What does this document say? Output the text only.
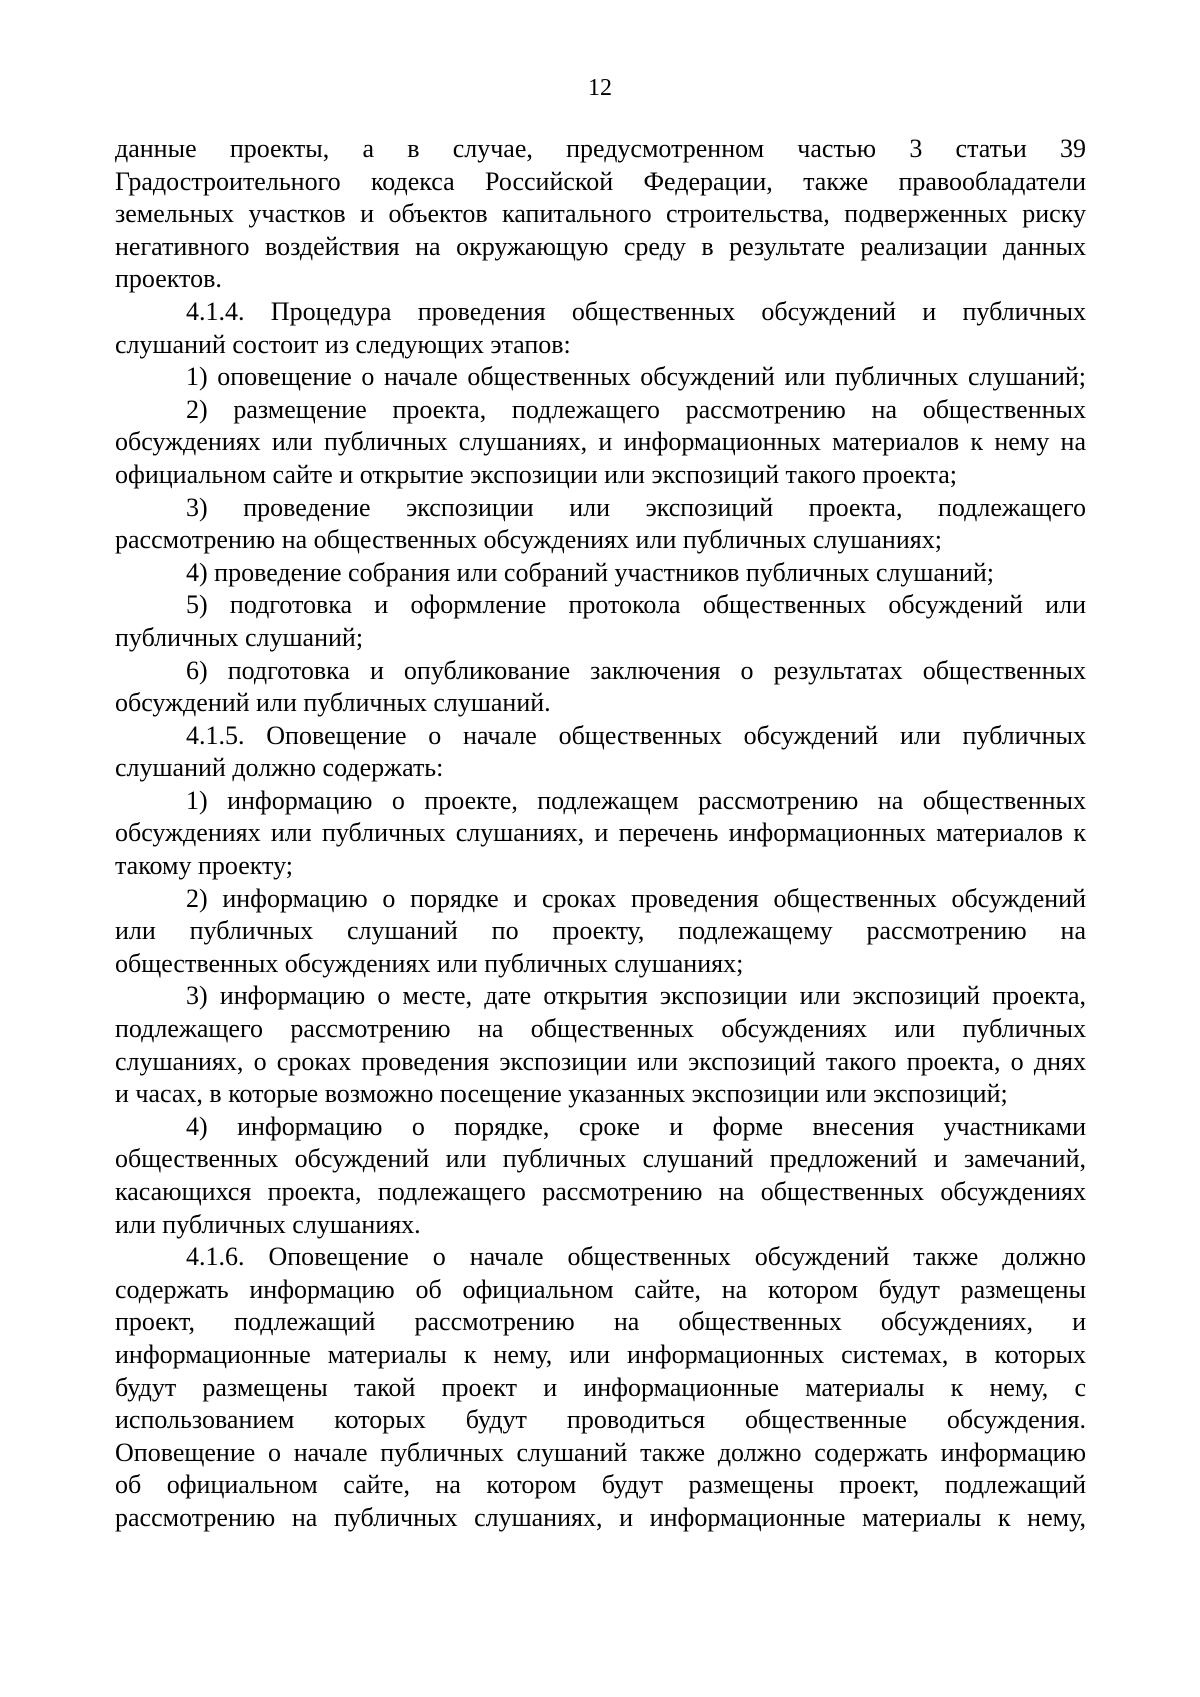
12
данные проекты, а в случае, предусмотренном частью 3 статьи 39
Градостроительного кодекса Российской Федерации, также правообладатели
земельных участков и объектов капитального строительства, подверженных риску
негативного воздействия на окружающую среду в результате реализации данных
проектов.
4.1.4. Процедура проведения общественных обсуждений и публичных
слушаний состоит из следующих этапов:
1) оповещение о начале общественных обсуждений или публичных слушаний;
2) размещение проекта, подлежащего рассмотрению на общественных
обсуждениях или публичных слушаниях, и информационных материалов к нему на
официальном сайте и открытие экспозиции или экспозиций такого проекта;
3) проведение экспозиции или экспозиций проекта, подлежащего
рассмотрению на общественных обсуждениях или публичных слушаниях;
4) проведение собрания или собраний участников публичных слушаний;
5) подготовка и оформление протокола общественных обсуждений или
публичных слушаний;
6) подготовка и опубликование заключения о результатах общественных
обсуждений или публичных слушаний.
4.1.5. Оповещение о начале общественных обсуждений или публичных
слушаний должно содержать:
1) информацию о проекте, подлежащем рассмотрению на общественных
обсуждениях или публичных слушаниях, и перечень информационных материалов к
такому проекту;
2) информацию о порядке и сроках проведения общественных обсуждений
или публичных слушаний по проекту, подлежащему рассмотрению на
общественных обсуждениях или публичных слушаниях;
3) информацию о месте, дате открытия экспозиции или экспозиций проекта,
подлежащего рассмотрению на общественных обсуждениях или публичных
слушаниях, о сроках проведения экспозиции или экспозиций такого проекта, о днях
и часах, в которые возможно посещение указанных экспозиции или экспозиций;
4) информацию о порядке, сроке и форме внесения участниками
общественных обсуждений или публичных слушаний предложений и замечаний,
касающихся проекта, подлежащего рассмотрению на общественных обсуждениях
или публичных слушаниях.
4.1.6. Оповещение о начале общественных обсуждений также должно
содержать информацию об официальном сайте, на котором будут размещены
проект, подлежащий рассмотрению на общественных обсуждениях, и
информационные материалы к нему, или информационных системах, в которых
будут размещены такой проект и информационные материалы к нему, с
использованием которых будут проводиться общественные обсуждения.
Оповещение о начале публичных слушаний также должно содержать информацию
об официальном сайте, на котором будут размещены проект, подлежащий
рассмотрению на публичных слушаниях, и информационные материалы к нему,
